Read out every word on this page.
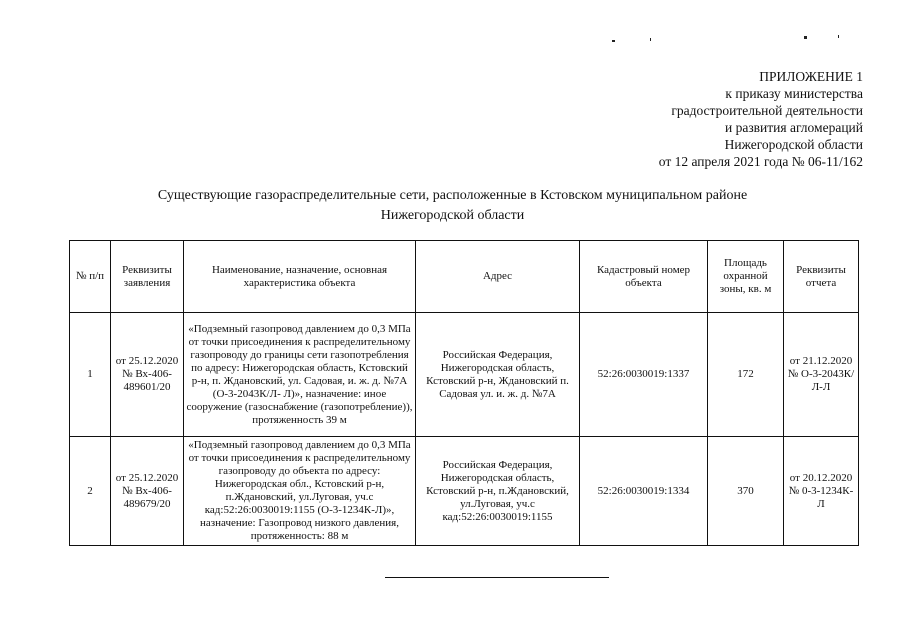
ПРИЛОЖЕНИЕ 1
к приказу министерства
градостроительной деятельности
и развития агломераций
Нижегородской области
от 12 апреля 2021 года № 06-11/162
Существующие газораспределительные сети, расположенные в Кстовском муниципальном районе
Нижегородской области
№ п/п	Реквизиты заявления	Наименование, назначение, основная характеристика объекта	Адрес	Кадастровый номер объекта	Площадь охранной зоны, кв. м	Реквизиты отчета
1	от 25.12.2020 № Вх-406-489601/20	«Подземный газопровод давлением до 0,3 МПа от точки присоединения к распределительному газопроводу до границы сети газопотребления по адресу: Нижегородская область, Кстовский р-н, п. Ждановский, ул. Садовая, и. ж. д. №7А (О-3-2043К/Л- Л)», назначение: иное сооружение (газоснабжение (газопотребление)), протяженность 39 м	Российская Федерация, Нижегородская область, Кстовский р-н, Ждановский п. Садовая ул. и. ж. д. №7А	52:26:0030019:1337	172	от 21.12.2020 № О-3-2043К/Л-Л
2	от 25.12.2020 № Вх-406-489679/20	«Подземный газопровод давлением до 0,3 МПа от точки присоединения к распределительному газопроводу до объекта по адресу: Нижегородская обл., Кстовский р-н, п.Ждановский, ул.Луговая, уч.с кад:52:26:0030019:1155 (О-3-1234К-Л)», назначение: Газопровод низкого давления, протяженность: 88 м	Российская Федерация, Нижегородская область, Кстовский р-н, п.Ждановский, ул.Луговая, уч.с кад:52:26:0030019:1155	52:26:0030019:1334	370	от 20.12.2020 № 0-3-1234К-Л
